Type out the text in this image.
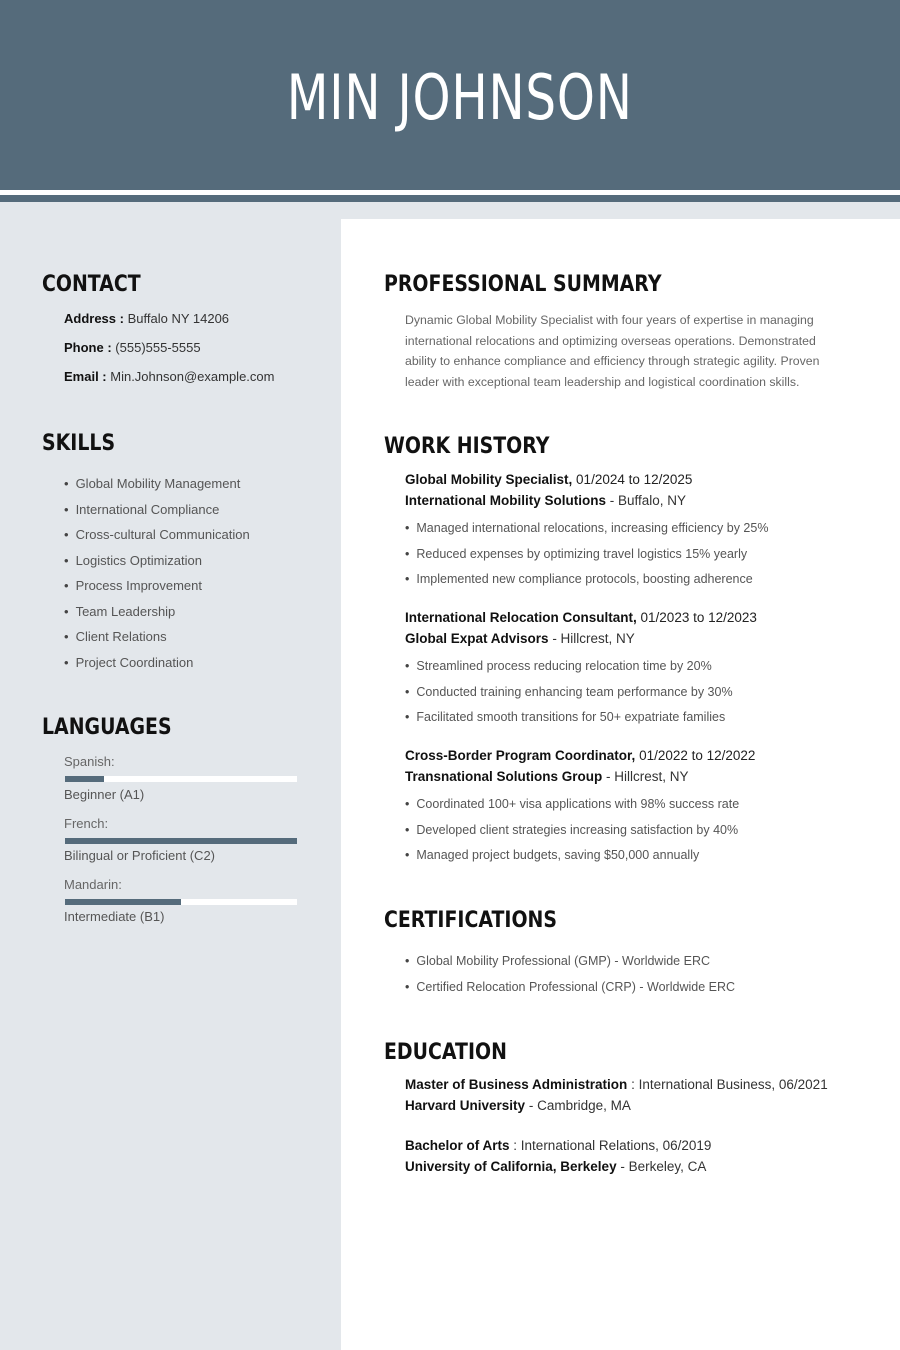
MIN JOHNSON
CONTACT
Address : Buffalo NY 14206
Phone : (555)555-5555
Email : Min.Johnson@example.com
SKILLS
• Global Mobility Management
• International Compliance
• Cross-cultural Communication
• Logistics Optimization
• Process Improvement
• Team Leadership
• Client Relations
• Project Coordination
LANGUAGES
Spanish:
Beginner (A1)
French:
Bilingual or Proficient (C2)
Mandarin:
Intermediate (B1)
PROFESSIONAL SUMMARY
Dynamic Global Mobility Specialist with four years of expertise in managing international relocations and optimizing overseas operations. Demonstrated ability to enhance compliance and efficiency through strategic agility. Proven leader with exceptional team leadership and logistical coordination skills.
WORK HISTORY
Global Mobility Specialist, 01/2024 to 12/2025
International Mobility Solutions - Buffalo, NY
• Managed international relocations, increasing efficiency by 25%
• Reduced expenses by optimizing travel logistics 15% yearly
• Implemented new compliance protocols, boosting adherence
International Relocation Consultant, 01/2023 to 12/2023
Global Expat Advisors - Hillcrest, NY
• Streamlined process reducing relocation time by 20%
• Conducted training enhancing team performance by 30%
• Facilitated smooth transitions for 50+ expatriate families
Cross-Border Program Coordinator, 01/2022 to 12/2022
Transnational Solutions Group - Hillcrest, NY
• Coordinated 100+ visa applications with 98% success rate
• Developed client strategies increasing satisfaction by 40%
• Managed project budgets, saving $50,000 annually
CERTIFICATIONS
• Global Mobility Professional (GMP) - Worldwide ERC
• Certified Relocation Professional (CRP) - Worldwide ERC
EDUCATION
Master of Business Administration : International Business, 06/2021
Harvard University - Cambridge, MA
Bachelor of Arts : International Relations, 06/2019
University of California, Berkeley - Berkeley, CA
